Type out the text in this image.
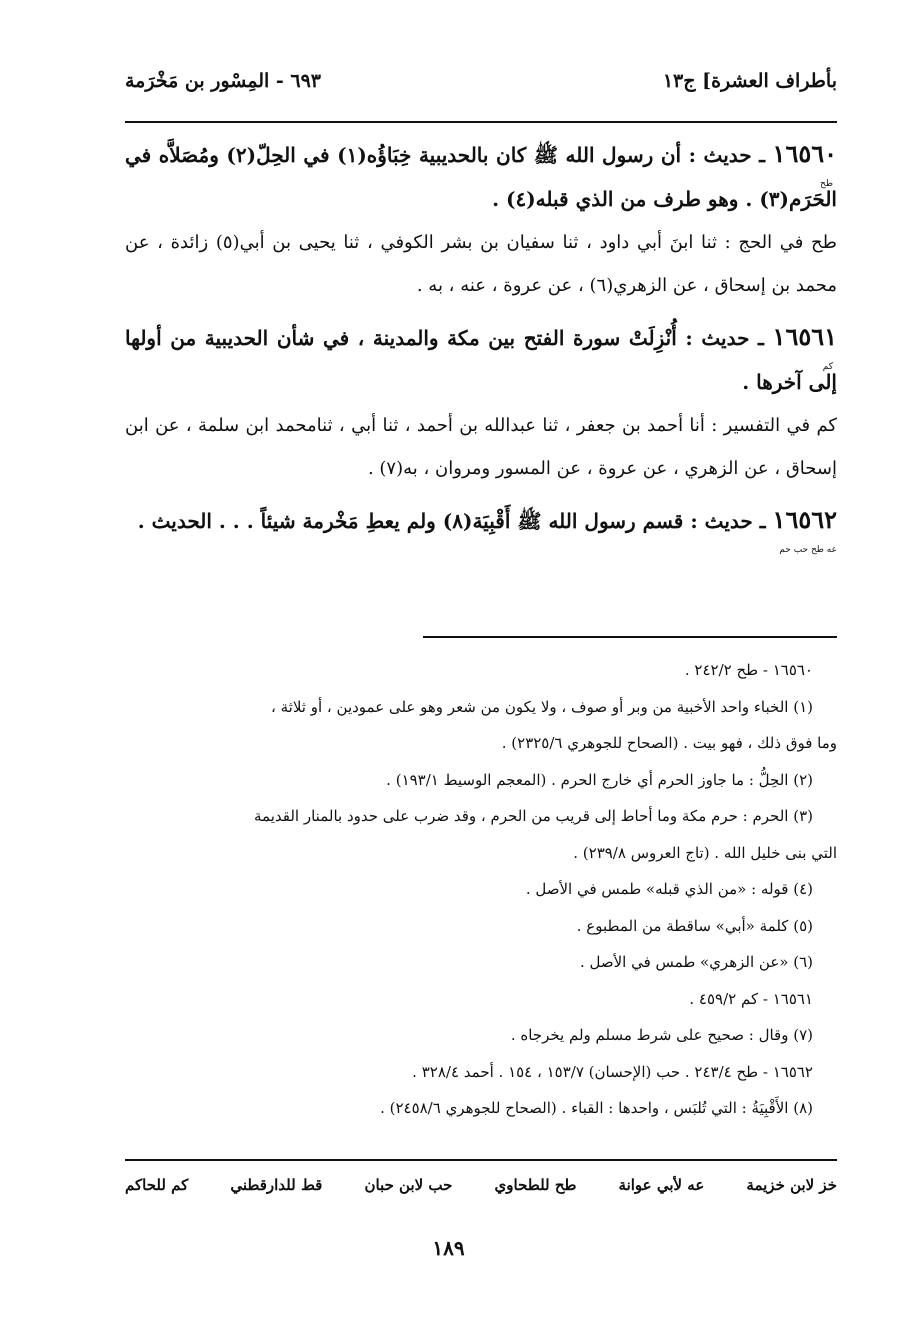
بأطراف العشرة] ج١٣
٦٩٣ - المِسْور بن مَخْرَمة
١٦٥٦٠
طح
ـ حديث : أن رسول الله ﷺ كان بالحديبية خِبَاؤُه(١) في الحِلّ(٢) ومُصَلاَّه في الحَرَم(٣) . وهو طرف من الذي قبله(٤) .
طح في الحج : ثنا ابنَ أبي داود ، ثنا سفيان بن بشر الكوفي ، ثنا يحيى بن أبي(٥) زائدة ، عن محمد بن إسحاق ، عن الزهري(٦) ، عن عروة ، عنه ، به .
١٦٥٦١
كم
ـ حديث : أُنْزِلَتْ سورة الفتح بين مكة والمدينة ، في شأن الحديبية من أولها إلى آخرها .
كم في التفسير : أنا أحمد بن جعفر ، ثنا عبدالله بن أحمد ، ثنا أبي ، ثنامحمد ابن سلمة ، عن ابن إسحاق ، عن الزهري ، عن عروة ، عن المسور ومروان ، به(٧) .
١٦٥٦٢
عه طح حب حم
ـ حديث : قسم رسول الله ﷺ أَقْبِيَة(٨) ولم يعطِ مَخْرمة شيئاً . . . الحديث .
١٦٥٦٠ - طح ٢٤٢/٢ .
(١) الخباء واحد الأخبية من وبر أو صوف ، ولا يكون من شعر وهو على عمودين ، أو ثلاثة ،
وما فوق ذلك ، فهو بيت . (الصحاح للجوهري ٢٣٢٥/٦) .
(٢) الحِلُّ : ما جاوز الحرم أي خارج الحرم . (المعجم الوسيط ١٩٣/١) .
(٣) الحرم : حرم مكة وما أحاط إلى قريب من الحرم ، وقد ضرب على حدود بالمنار القديمة
التي بنى خليل الله . (تاج العروس ٢٣٩/٨) .
(٤) قوله : «من الذي قبله» طمس في الأصل .
(٥) كلمة «أبي» ساقطة من المطبوع .
(٦) «عن الزهري» طمس في الأصل .
١٦٥٦١ - كم ٤٥٩/٢ .
(٧) وقال : صحيح على شرط مسلم ولم يخرجاه .
١٦٥٦٢ - طح ٢٤٣/٤ . حب (الإحسان) ١٥٣/٧ ، ١٥٤ . أحمد ٣٢٨/٤ .
(٨) الأَقْبِيَةُ : التي تُلبَس ، واحدها : القباء . (الصحاح للجوهري ٢٤٥٨/٦) .
خز لابن خزيمة
عه لأبي عوانة
طح للطحاوي
حب لابن حبان
قط للدارقطني
كم للحاكم
١٨٩
